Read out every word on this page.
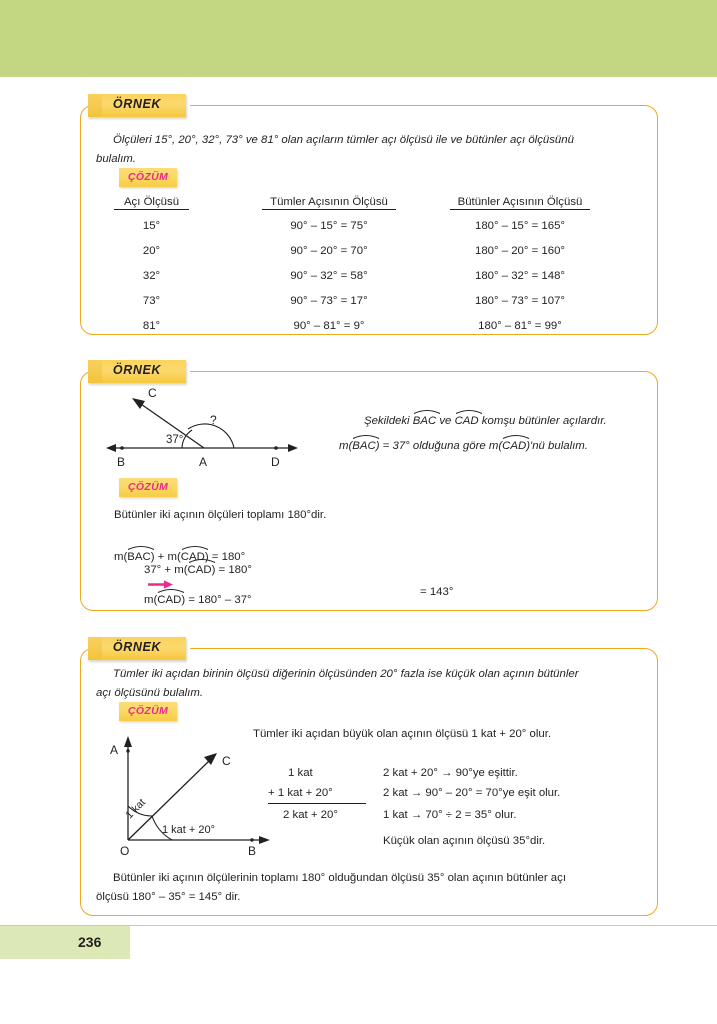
ÖRNEK
Ölçüleri 15°, 20°, 32°, 73° ve 81° olan açıların tümler açı ölçüsü ile ve bütünler açı ölçüsünü
bulalım.
ÇÖZÜM
Açı Ölçüsü	Tümler Açısının Ölçüsü	Bütünler Açısının Ölçüsü
15°	90° – 15° = 75°	180° – 15° = 165°
20°	90° – 20° = 70°	180° – 20° = 160°
32°	90° – 32° = 58°	180° – 32° = 148°
73°	90° – 73° = 17°	180° – 73° = 107°
81°	90° – 81° = 9°	180° – 81° = 99°
ÖRNEK
C
B	A	D
37°
?	Şekildeki BAC ve CAD komşu bütünler açılardır.
m(
BAC) = 37° olduğuna göre m(
CAD)'nü bulalım.
ÇÖZÜM
Bütünler iki açının ölçüleri toplamı 180°dir.
m(
BAC) + m(
CAD) = 180°
37° + m(
CAD) = 180°
m(
CAD) = 180° – 37°
= 143°
ÖRNEK
Tümler iki açıdan birinin ölçüsü diğerinin ölçüsünden 20° fazla ise küçük olan açının bütünler
açı ölçüsünü bulalım.
ÇÖZÜM
A
C
O	B
1 kat
1 kat + 20°
Tümler iki açıdan büyük olan açının ölçüsü 1 kat + 20° olur.
1 kat
+ 1 kat + 20°
2 kat + 20°
2 kat + 20° → 90°ye eşittir.
2 kat → 90° – 20° = 70°ye eşit olur.
1 kat → 70° ÷ 2 = 35° olur.
Küçük olan açının ölçüsü 35°dir.
Bütünler iki açının ölçülerinin toplamı 180° olduğundan ölçüsü 35° olan açının bütünler açı
ölçüsü 180° – 35° = 145° dir.
236
